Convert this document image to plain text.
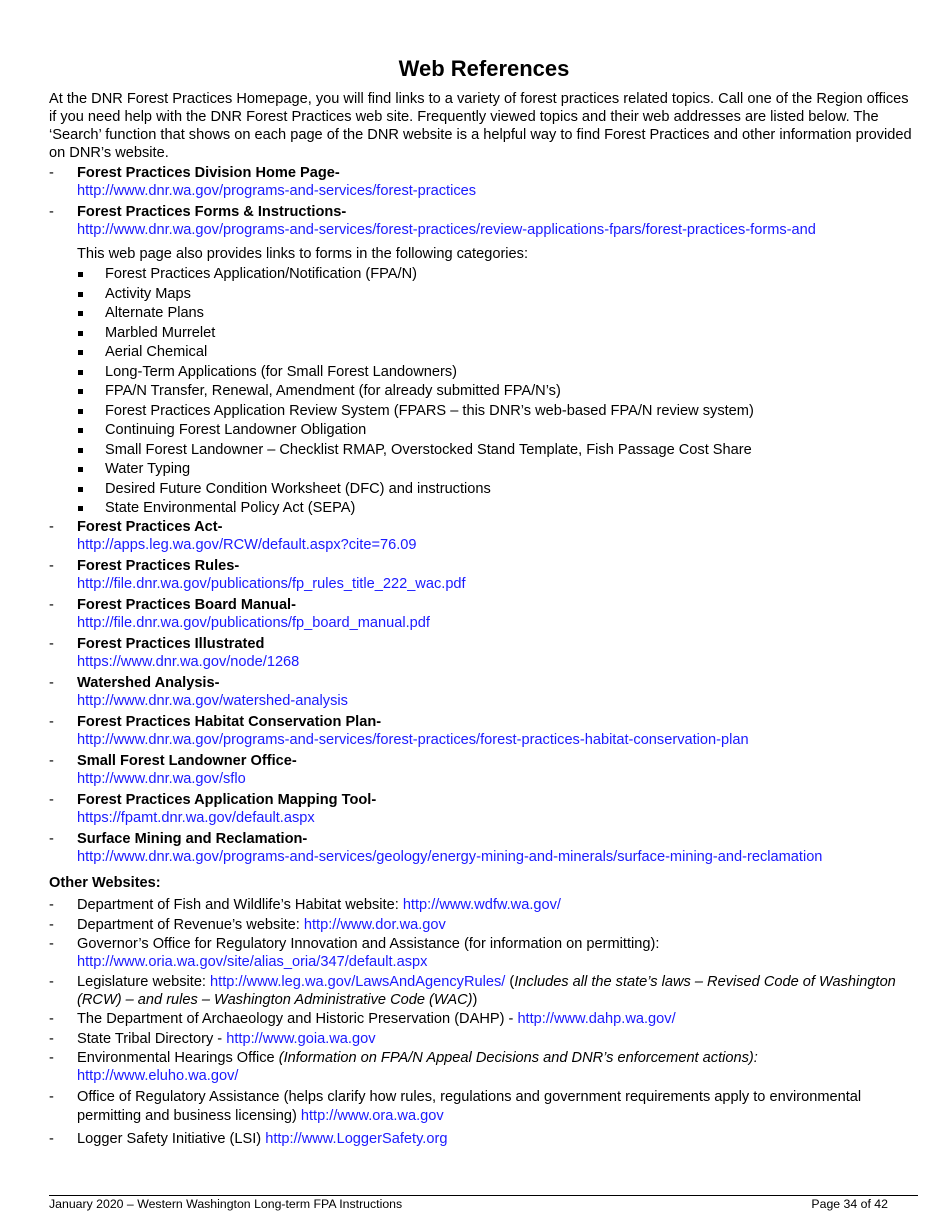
Web References

At the DNR Forest Practices Homepage, you will find links to a variety of forest practices related topics. Call one of the Region offices if you need help with the DNR Forest Practices web site. Frequently viewed topics and their web addresses are listed below. The ‘Search’ function that shows on each page of the DNR website is a helpful way to find Forest Practices and other information provided on DNR’s website.

- Forest Practices Division Home Page-
http://www.dnr.wa.gov/programs-and-services/forest-practices
- Forest Practices Forms & Instructions-
http://www.dnr.wa.gov/programs-and-services/forest-practices/review-applications-fpars/forest-practices-forms-and
This web page also provides links to forms in the following categories:
Forest Practices Application/Notification (FPA/N)
Activity Maps
Alternate Plans
Marbled Murrelet
Aerial Chemical
Long-Term Applications (for Small Forest Landowners)
FPA/N Transfer, Renewal, Amendment (for already submitted FPA/N’s)
Forest Practices Application Review System (FPARS – this DNR’s web-based FPA/N review system)
Continuing Forest Landowner Obligation
Small Forest Landowner – Checklist RMAP, Overstocked Stand Template, Fish Passage Cost Share
Water Typing
Desired Future Condition Worksheet (DFC) and instructions
State Environmental Policy Act (SEPA)
- Forest Practices Act-
http://apps.leg.wa.gov/RCW/default.aspx?cite=76.09
- Forest Practices Rules-
http://file.dnr.wa.gov/publications/fp_rules_title_222_wac.pdf
- Forest Practices Board Manual-
http://file.dnr.wa.gov/publications/fp_board_manual.pdf
- Forest Practices Illustrated
https://www.dnr.wa.gov/node/1268
- Watershed Analysis-
http://www.dnr.wa.gov/watershed-analysis
- Forest Practices Habitat Conservation Plan-
http://www.dnr.wa.gov/programs-and-services/forest-practices/forest-practices-habitat-conservation-plan
- Small Forest Landowner Office-
http://www.dnr.wa.gov/sflo
- Forest Practices Application Mapping Tool-
https://fpamt.dnr.wa.gov/default.aspx
- Surface Mining and Reclamation-
http://www.dnr.wa.gov/programs-and-services/geology/energy-mining-and-minerals/surface-mining-and-reclamation
Other Websites:
- Department of Fish and Wildlife’s Habitat website: http://www.wdfw.wa.gov/
- Department of Revenue’s website: http://www.dor.wa.gov
- Governor’s Office for Regulatory Innovation and Assistance (for information on permitting):
http://www.oria.wa.gov/site/alias_oria/347/default.aspx
- Legislature website: http://www.leg.wa.gov/LawsAndAgencyRules/ (Includes all the state’s laws – Revised Code of Washington (RCW) – and rules – Washington Administrative Code (WAC))
- The Department of Archaeology and Historic Preservation (DAHP) - http://www.dahp.wa.gov/
- State Tribal Directory - http://www.goia.wa.gov
- Environmental Hearings Office (Information on FPA/N Appeal Decisions and DNR’s enforcement actions):
http://www.eluho.wa.gov/
- Office of Regulatory Assistance (helps clarify how rules, regulations and government requirements apply to environmental permitting and business licensing) http://www.ora.wa.gov
- Logger Safety Initiative (LSI) http://www.LoggerSafety.org
January 2020 – Western Washington Long-term FPA Instructions	Page 34 of 42
